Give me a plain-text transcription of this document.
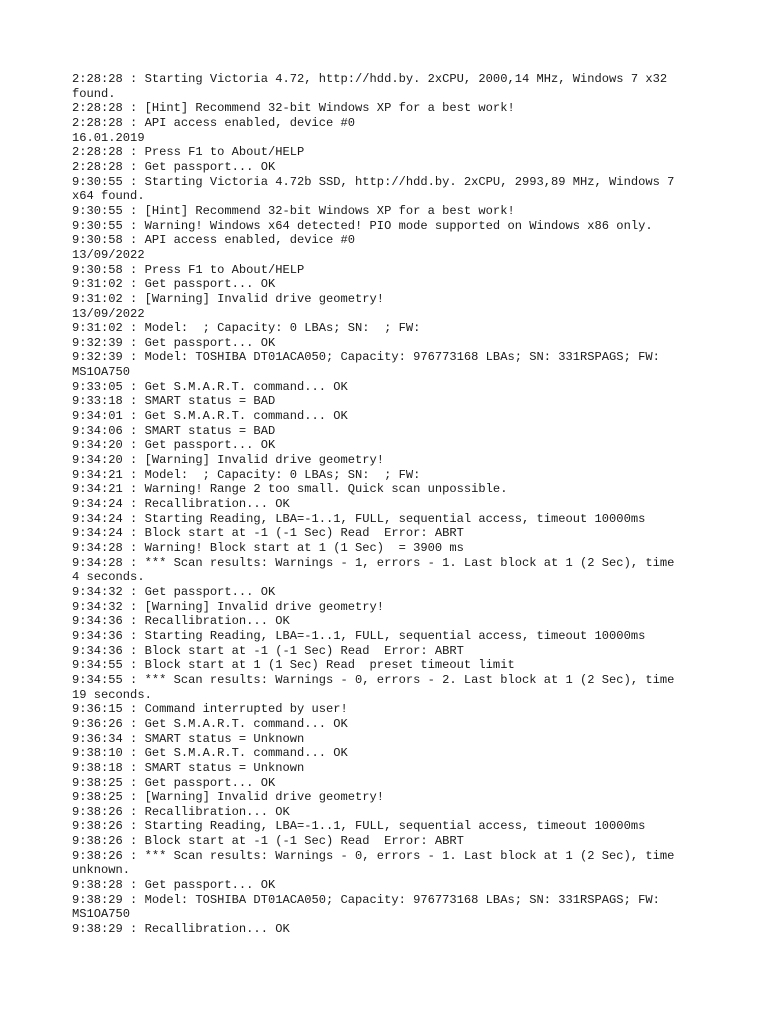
2:28:28 : Starting Victoria 4.72, http://hdd.by. 2xCPU, 2000,14 MHz, Windows 7 x32
found.
2:28:28 : [Hint] Recommend 32-bit Windows XP for a best work!
2:28:28 : API access enabled, device #0
16.01.2019
2:28:28 : Press F1 to About/HELP
2:28:28 : Get passport... OK
9:30:55 : Starting Victoria 4.72b SSD, http://hdd.by. 2xCPU, 2993,89 MHz, Windows 7
x64 found.
9:30:55 : [Hint] Recommend 32-bit Windows XP for a best work!
9:30:55 : Warning! Windows x64 detected! PIO mode supported on Windows x86 only.
9:30:58 : API access enabled, device #0
13/09/2022
9:30:58 : Press F1 to About/HELP
9:31:02 : Get passport... OK
9:31:02 : [Warning] Invalid drive geometry!
13/09/2022
9:31:02 : Model:  ; Capacity: 0 LBAs; SN:  ; FW:
9:32:39 : Get passport... OK
9:32:39 : Model: TOSHIBA DT01ACA050; Capacity: 976773168 LBAs; SN: 331RSPAGS; FW:
MS1OA750
9:33:05 : Get S.M.A.R.T. command... OK
9:33:18 : SMART status = BAD
9:34:01 : Get S.M.A.R.T. command... OK
9:34:06 : SMART status = BAD
9:34:20 : Get passport... OK
9:34:20 : [Warning] Invalid drive geometry!
9:34:21 : Model:  ; Capacity: 0 LBAs; SN:  ; FW:
9:34:21 : Warning! Range 2 too small. Quick scan unpossible.
9:34:24 : Recallibration... OK
9:34:24 : Starting Reading, LBA=-1..1, FULL, sequential access, timeout 10000ms
9:34:24 : Block start at -1 (-1 Sec) Read  Error: ABRT
9:34:28 : Warning! Block start at 1 (1 Sec)  = 3900 ms
9:34:28 : *** Scan results: Warnings - 1, errors - 1. Last block at 1 (2 Sec), time
4 seconds.
9:34:32 : Get passport... OK
9:34:32 : [Warning] Invalid drive geometry!
9:34:36 : Recallibration... OK
9:34:36 : Starting Reading, LBA=-1..1, FULL, sequential access, timeout 10000ms
9:34:36 : Block start at -1 (-1 Sec) Read  Error: ABRT
9:34:55 : Block start at 1 (1 Sec) Read  preset timeout limit
9:34:55 : *** Scan results: Warnings - 0, errors - 2. Last block at 1 (2 Sec), time
19 seconds.
9:36:15 : Command interrupted by user!
9:36:26 : Get S.M.A.R.T. command... OK
9:36:34 : SMART status = Unknown
9:38:10 : Get S.M.A.R.T. command... OK
9:38:18 : SMART status = Unknown
9:38:25 : Get passport... OK
9:38:25 : [Warning] Invalid drive geometry!
9:38:26 : Recallibration... OK
9:38:26 : Starting Reading, LBA=-1..1, FULL, sequential access, timeout 10000ms
9:38:26 : Block start at -1 (-1 Sec) Read  Error: ABRT
9:38:26 : *** Scan results: Warnings - 0, errors - 1. Last block at 1 (2 Sec), time
unknown.
9:38:28 : Get passport... OK
9:38:29 : Model: TOSHIBA DT01ACA050; Capacity: 976773168 LBAs; SN: 331RSPAGS; FW:
MS1OA750
9:38:29 : Recallibration... OK
